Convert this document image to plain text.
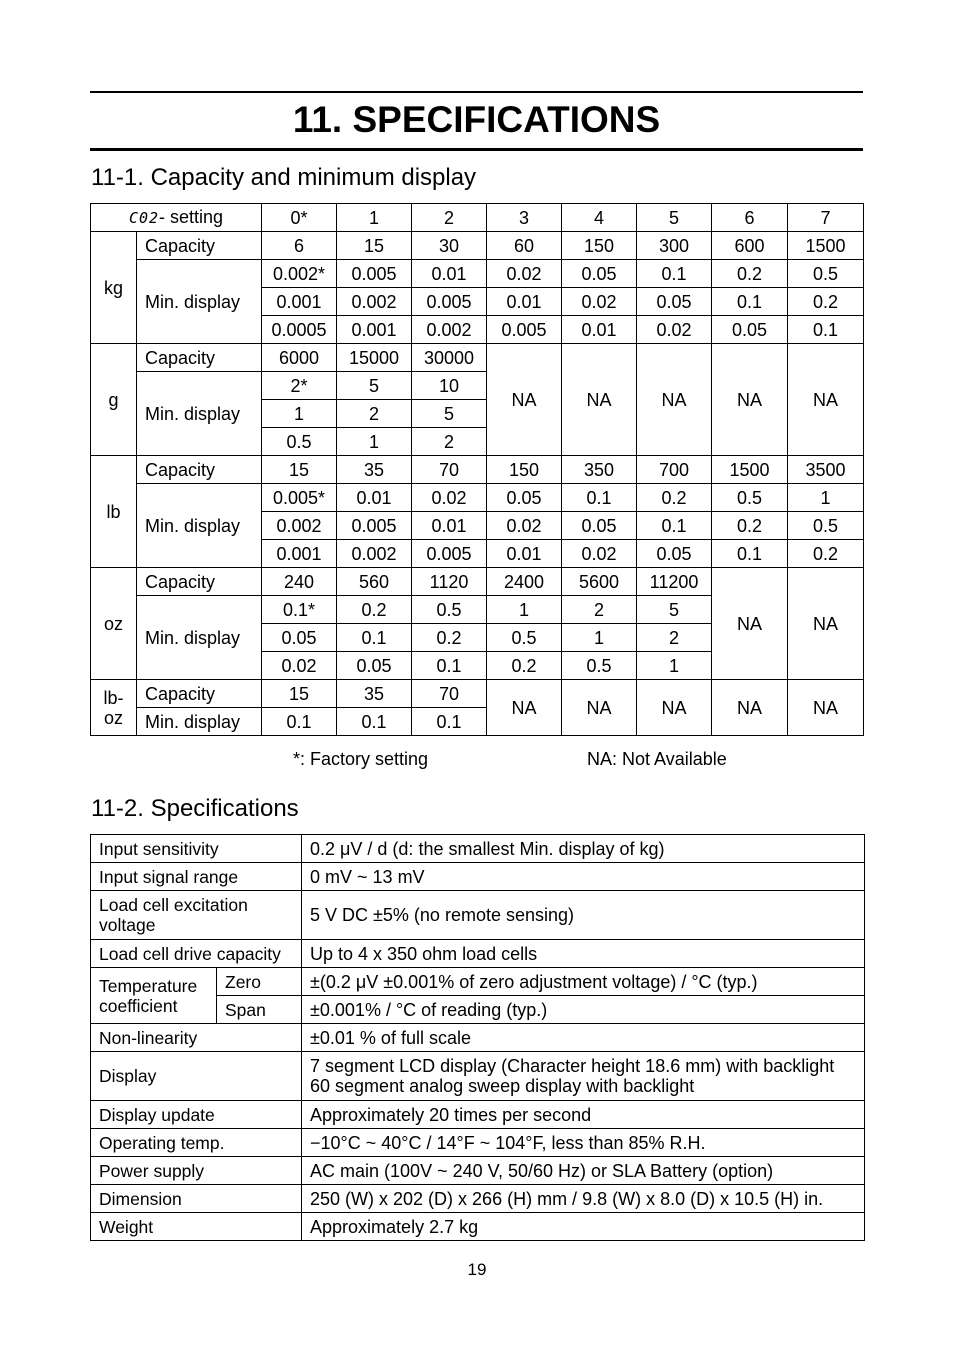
11. SPECIFICATIONS
11-1. Capacity and minimum display
C02- setting		0*	1	2	3	4	5	6	7
kg	Capacity	6	15	30	60	150	300	600	1500
	Min. display	0.002*	0.005	0.01	0.02	0.05	0.1	0.2	0.5
		0.001	0.002	0.005	0.01	0.02	0.05	0.1	0.2
		0.0005	0.001	0.002	0.005	0.01	0.02	0.05	0.1
g	Capacity	6000	15000	30000	NA	NA	NA	NA	NA
	Min. display	2*	5	10					
		1	2	5					
		0.5	1	2					
lb	Capacity	15	35	70	150	350	700	1500	3500
	Min. display	0.005*	0.01	0.02	0.05	0.1	0.2	0.5	1
		0.002	0.005	0.01	0.02	0.05	0.1	0.2	0.5
		0.001	0.002	0.005	0.01	0.02	0.05	0.1	0.2
oz	Capacity	240	560	1120	2400	5600	11200	NA	NA
	Min. display	0.1*	0.2	0.5	1	2	5		
		0.05	0.1	0.2	0.5	1	2		
		0.02	0.05	0.1	0.2	0.5	1		
lb-
oz	Capacity	15	35	70	NA	NA	NA	NA	NA
	Min. display	0.1	0.1	0.1					
*: Factory setting	NA: Not Available
11-2. Specifications
Input sensitivity		0.2 μV / d (d: the smallest Min. display of kg)
Input signal range		0 mV ~ 13 mV
Load cell excitation
voltage		5 V DC ±5% (no remote sensing)
Load cell drive capacity		Up to 4 x 350 ohm load cells
Temperature
coefficient	Zero	±(0.2 μV ±0.001% of zero adjustment voltage) / °C (typ.)
	Span	±0.001% / °C of reading (typ.)
Non-linearity		±0.01 % of full scale
Display		7 segment LCD display (Character height 18.6 mm) with backlight
60 segment analog sweep display with backlight
Display update		Approximately 20 times per second
Operating temp.		−10°C ~ 40°C / 14°F ~ 104°F, less than 85% R.H.
Power supply		AC main (100V ~ 240 V, 50/60 Hz) or SLA Battery (option)
Dimension		250 (W) x 202 (D) x 266 (H) mm / 9.8 (W) x 8.0 (D) x 10.5 (H) in.
Weight		Approximately 2.7 kg
19
